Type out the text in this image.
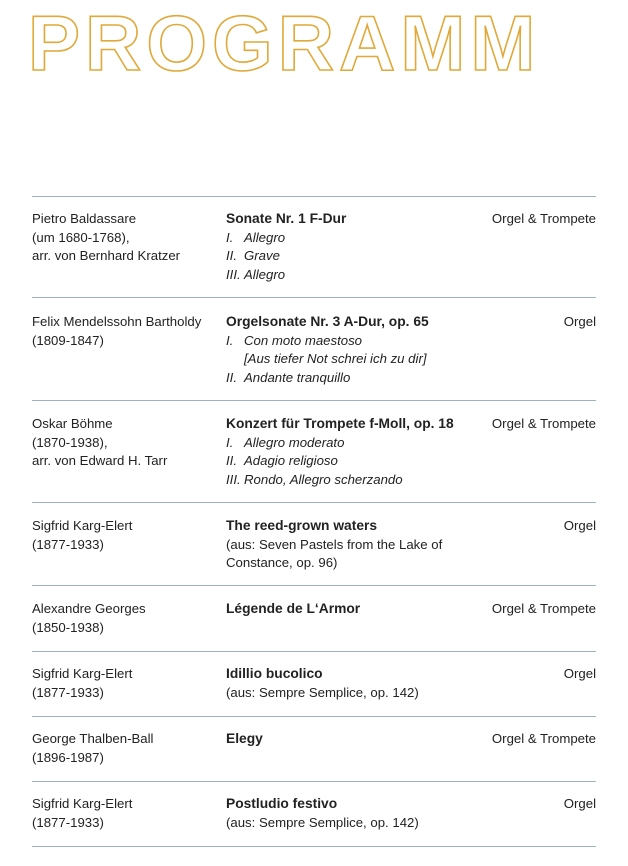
PROGRAMM
Pietro Baldassare
(um 1680-1768),
arr. von Bernhard Kratzer
Sonate Nr. 1 F-Dur
I. Allegro
II. Grave
III. Allegro
Orgel & Trompete
Felix Mendelssohn Bartholdy
(1809-1847)
Orgelsonate Nr. 3 A-Dur, op. 65
I. Con moto maestoso
[Aus tiefer Not schrei ich zu dir]
II. Andante tranquillo
Orgel
Oskar Böhme
(1870-1938),
arr. von Edward H. Tarr
Konzert für Trompete f-Moll, op. 18
I. Allegro moderato
II. Adagio religioso
III. Rondo, Allegro scherzando
Orgel & Trompete
Sigfrid Karg-Elert
(1877-1933)
The reed-grown waters
(aus: Seven Pastels from the Lake of
Constance, op. 96)
Orgel
Alexandre Georges
(1850-1938)
Légende de L‘Armor	Orgel & Trompete
Sigfrid Karg-Elert
(1877-1933)
Idillio bucolico
(aus: Sempre Semplice, op. 142)
Orgel
George Thalben-Ball
(1896-1987)
Elegy	Orgel & Trompete
Sigfrid Karg-Elert
(1877-1933)
Postludio festivo
(aus: Sempre Semplice, op. 142)
Orgel
